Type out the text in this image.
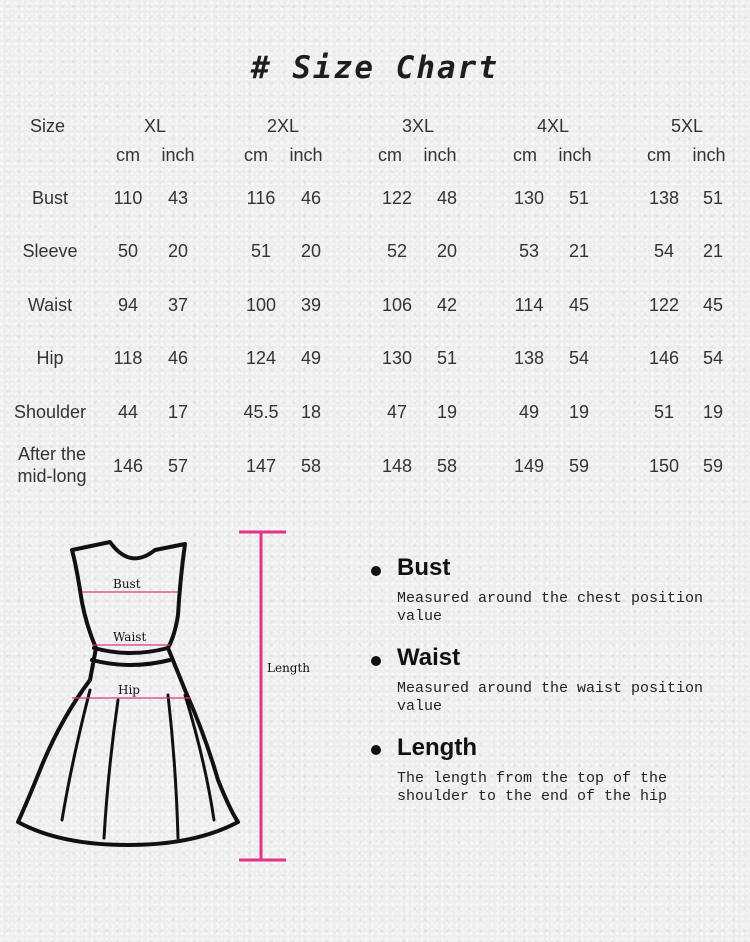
# Size Chart
Size	XL	2XL	3XL	4XL	5XL
cm inch	cm inch	cm inch	cm inch	cm inch
Bust	110 43	116 46	122 48	130 51	138 51
Sleeve	50 20	51 20	52 20	53 21	54 21
Waist	94 37	100 39	106 42	114 45	122 45
Hip	118 46	124 49	130 51	138 54	146 54
Shoulder	44 17	45.5 18	47 19	49 19	51 19
After the mid-long	146 57	147 58	148 58	149 59	150 59
Bust
Waist
Hip
Length
Bust
Measured around the chest position value
Waist
Measured around the waist position value
Length
The length from the top of the shoulder to the end of the hip
